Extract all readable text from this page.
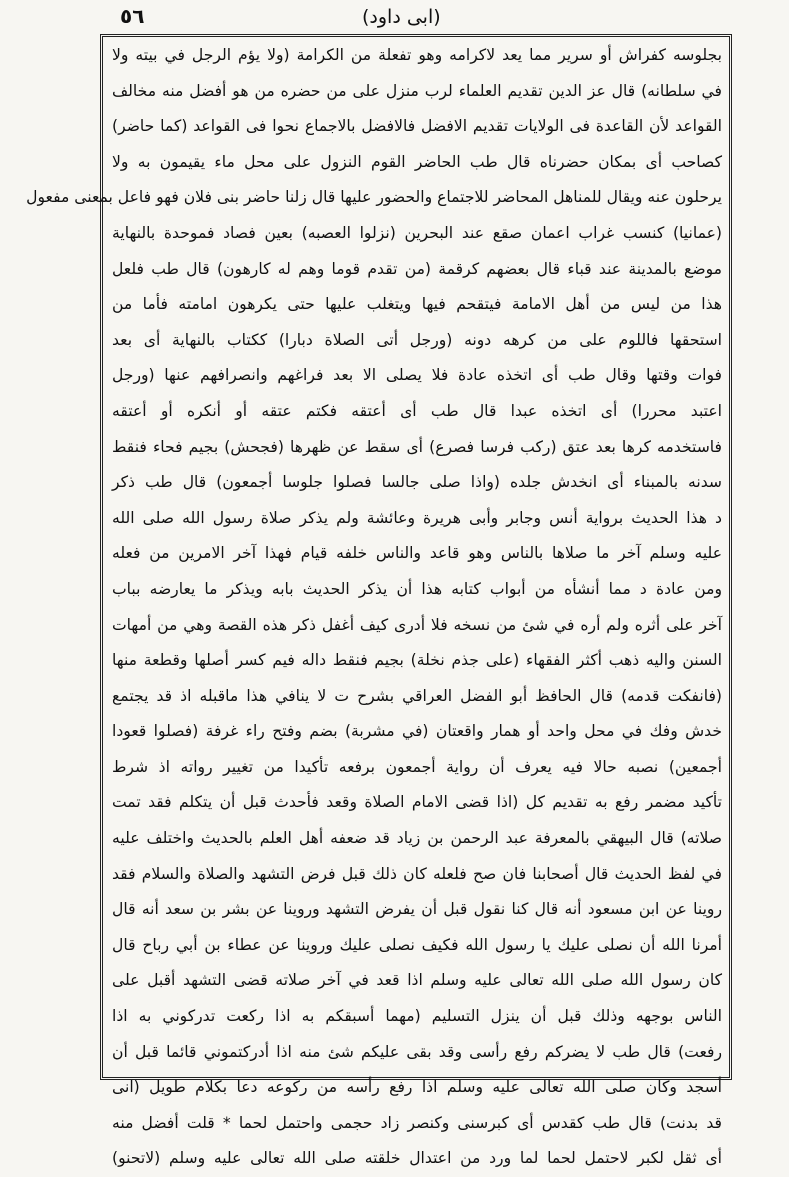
٥٦	(ابى داود)
بجلوسه كفراش أو سرير مما يعد لاكرامه وهو تفعلة من الكرامة (ولا يؤم الرجل في بيته ولا
في سلطانه) قال عز الدين تقديم العلماء لرب منزل على من حضره من هو أفضل منه مخالف
القواعد لأن القاعدة فى الولايات تقديم الافضل فالافضل بالاجماع نحوا فى القواعد (كما حاضر)
كصاحب أى بمكان حضرناه قال طب الحاضر القوم النزول على محل ماء يقيمون به ولا
يرحلون عنه ويقال للمناهل المحاضر للاجتماع والحضور عليها قال زلنا حاضر بنى فلان فهو فاعل بمعنى مفعول
(عمانيا) كنسب غراب اعمان صقع عند البحرين (نزلوا العصبه) بعين فصاد فموحدة بالنهاية
موضع بالمدينة عند قباء قال بعضهم كرقمة (من تقدم قوما وهم له كارهون) قال طب فلعل
هذا من ليس من أهل الامامة فيتقحم فيها ويتغلب عليها حتى يكرهون امامته فأما من
استحقها فاللوم على من كرهه دونه (ورجل أتى الصلاة دبارا) ككتاب بالنهاية أى بعد
فوات وقتها وقال طب أى اتخذه عادة فلا يصلى الا بعد فراغهم وانصرافهم عنها (ورجل
اعتبد محررا) أى اتخذه عبدا قال طب أى أعتقه فكتم عتقه أو أنكره أو أعتقه
فاستخدمه كرها بعد عتق (ركب فرسا فصرع) أى سقط عن ظهرها (فجحش) بجيم فحاء فنقط
سدنه بالمبناء أى انخدش جلده (واذا صلى جالسا فصلوا جلوسا أجمعون) قال طب ذكر
د هذا الحديث برواية أنس وجابر وأبى هريرة وعائشة ولم يذكر صلاة رسول الله صلى الله
عليه وسلم آخر ما صلاها بالناس وهو قاعد والناس خلفه قيام فهذا آخر الامرين من فعله
ومن عادة د مما أنشأه من أبواب كتابه هذا أن يذكر الحديث بابه ويذكر ما يعارضه بباب
آخر على أثره ولم أره في شئ من نسخه فلا أدرى كيف أغفل ذكر هذه القصة وهي من أمهات
السنن واليه ذهب أكثر الفقهاء (على جذم نخلة) بجيم فنقط داله فيم كسر أصلها وقطعة منها
(فانفكت قدمه) قال الحافظ أبو الفضل العراقي بشرح ت لا ينافي هذا ماقبله اذ قد يجتمع
خدش وفك في محل واحد أو همار واقعتان (في مشربة) بضم وفتح راء غرفة (فصلوا قعودا
أجمعين) نصبه حالا فيه يعرف أن رواية أجمعون برفعه تأكيدا من تغيير رواته اذ شرط
تأكيد مضمر رفع به تقديم كل (اذا قضى الامام الصلاة وقعد فأحدث قبل أن يتكلم فقد تمت
صلاته) قال البيهقي بالمعرفة عبد الرحمن بن زياد قد ضعفه أهل العلم بالحديث واختلف عليه
في لفظ الحديث قال أصحابنا فان صح فلعله كان ذلك قبل فرض التشهد والصلاة والسلام فقد
روينا عن ابن مسعود أنه قال كنا نقول قبل أن يفرض التشهد وروينا عن بشر بن سعد أنه قال
أمرنا الله أن نصلى عليك يا رسول الله فكيف نصلى عليك وروينا عن عطاء بن أبي رباح قال
كان رسول الله صلى الله تعالى عليه وسلم اذا قعد في آخر صلاته قضى التشهد أقبل على
الناس بوجهه وذلك قبل أن ينزل التسليم (مهما أسبقكم به اذا ركعت تدركوني به اذا
رفعت) قال طب لا يضركم رفع رأسى وقد بقى عليكم شئ منه اذا أدركتموني قائما قبل أن
أسجد وكان صلى الله تعالى عليه وسلم اذا رفع رأسه من ركوعه دعا بكلام طويل (انى
قد بدنت) قال طب كقدس أى كبرسنى وكنصر زاد حجمى واحتمل لحما * قلت أفضل منه
أى ثقل لكبر لاحتمل لحما لما ورد من اعتدال خلقته صلى الله تعالى عليه وسلم (لاتحنو)
